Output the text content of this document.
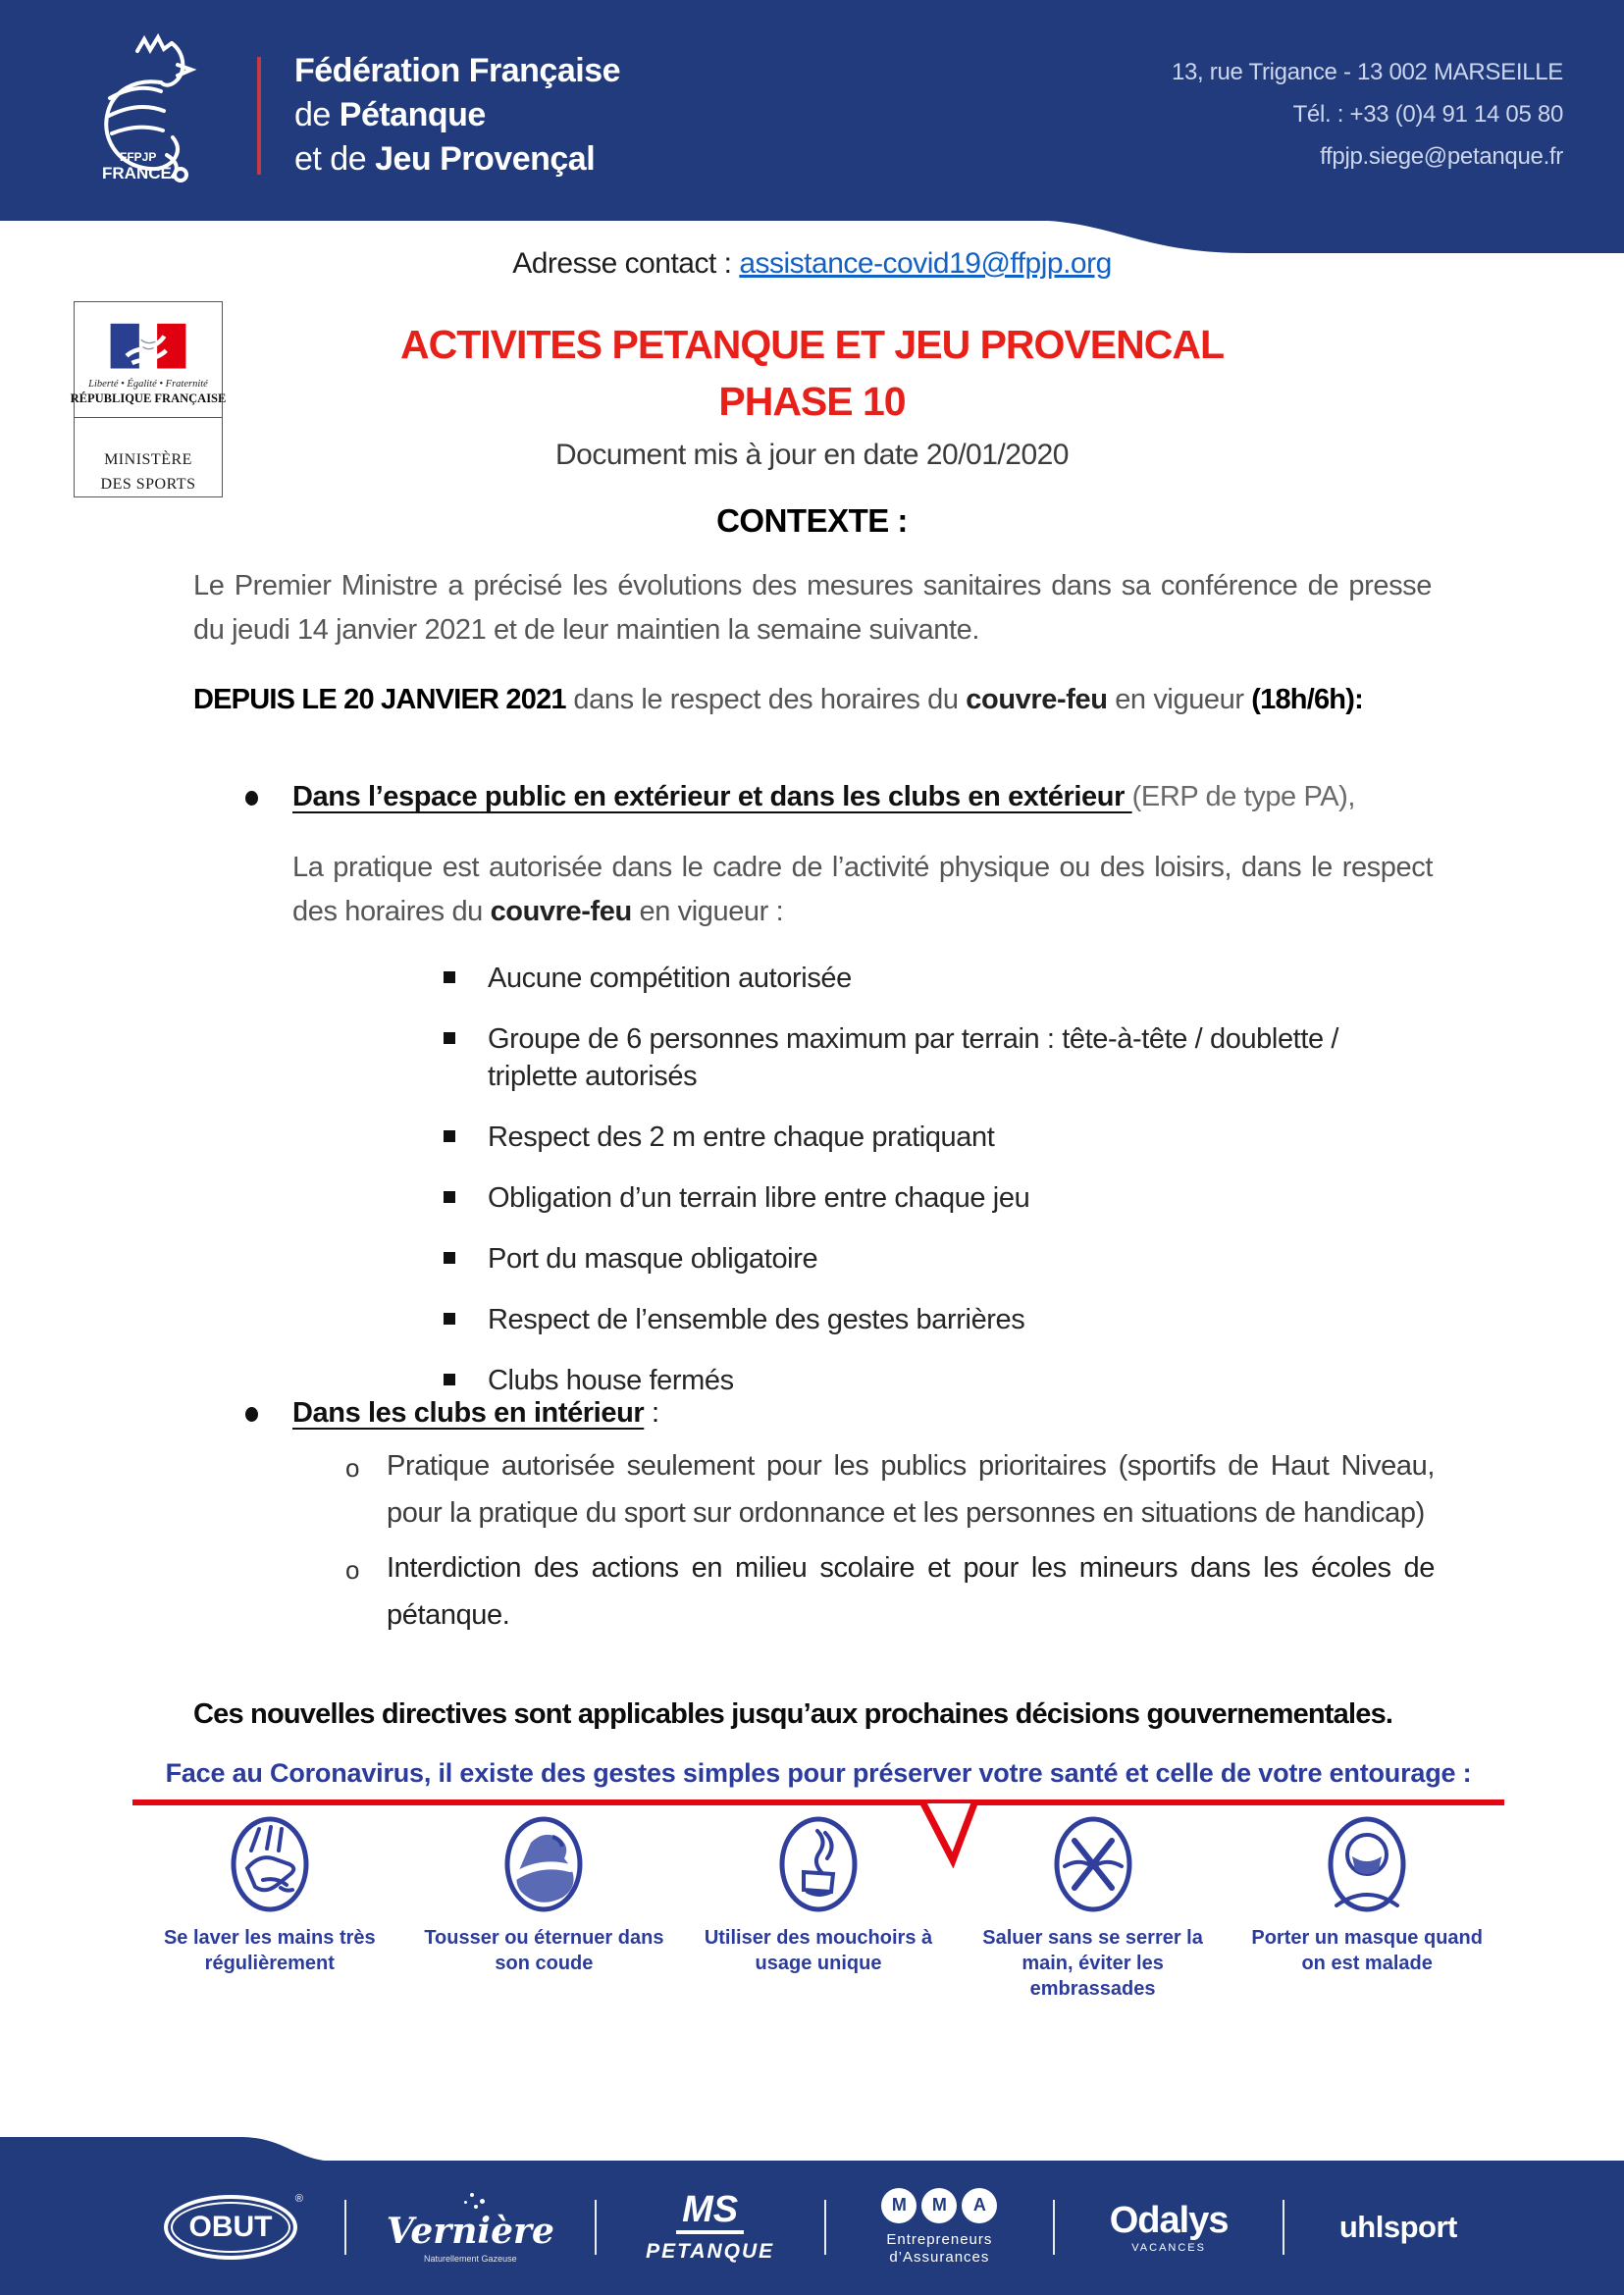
FFPJP
FRANCE
Fédération Française
de Pétanque
et de Jeu Provençal
13, rue Trigance - 13 002 MARSEILLE
Tél. : +33 (0)4 91 14 05 80
ffpjp.siege@petanque.fr
Adresse contact : assistance-covid19@ffpjp.org
Liberté • Égalité • Fraternité
RÉPUBLIQUE FRANÇAISE
MINISTÈRE
DES SPORTS
ACTIVITES PETANQUE ET JEU PROVENCAL
PHASE 10
Document mis à jour en date 20/01/2020
CONTEXTE :
Le Premier Ministre a précisé les évolutions des mesures sanitaires dans sa conférence de presse du jeudi 14 janvier 2021 et de leur maintien la semaine suivante.
DEPUIS LE 20 JANVIER 2021 dans le respect des horaires du couvre-feu en vigueur (18h/6h):
Dans l’espace public en extérieur et dans les clubs en extérieur (ERP de type PA),
La pratique est autorisée dans le cadre de l’activité physique ou des loisirs, dans le respect des horaires du couvre-feu en vigueur :
Aucune compétition autorisée
Groupe de 6 personnes maximum par terrain : tête-à-tête / doublette / triplette autorisés
Respect des 2 m entre chaque pratiquant
Obligation d’un terrain libre entre chaque jeu
Port du masque obligatoire
Respect de l’ensemble des gestes barrières
Clubs house fermés
Dans les clubs en intérieur :
o Pratique autorisée seulement pour les publics prioritaires (sportifs de Haut Niveau, pour la pratique du sport sur ordonnance et les personnes en situations de handicap)
o Interdiction des actions en milieu scolaire et pour les mineurs dans les écoles de pétanque.
Ces nouvelles directives sont applicables jusqu’aux prochaines décisions gouvernementales.
Face au Coronavirus, il existe des gestes simples pour préserver votre santé et celle de votre entourage :
Se laver les mains très régulièrement
Tousser ou éternuer dans son coude
Utiliser des mouchoirs à usage unique
Saluer sans se serrer la main, éviter les embrassades
Porter un masque quand on est malade
OBUT
®
Vernière
Naturellement Gazeuse
MS
PETANQUE
M	M	A
Entrepreneurs
d’Assurances
Odalys
VACANCES
uhlsport
